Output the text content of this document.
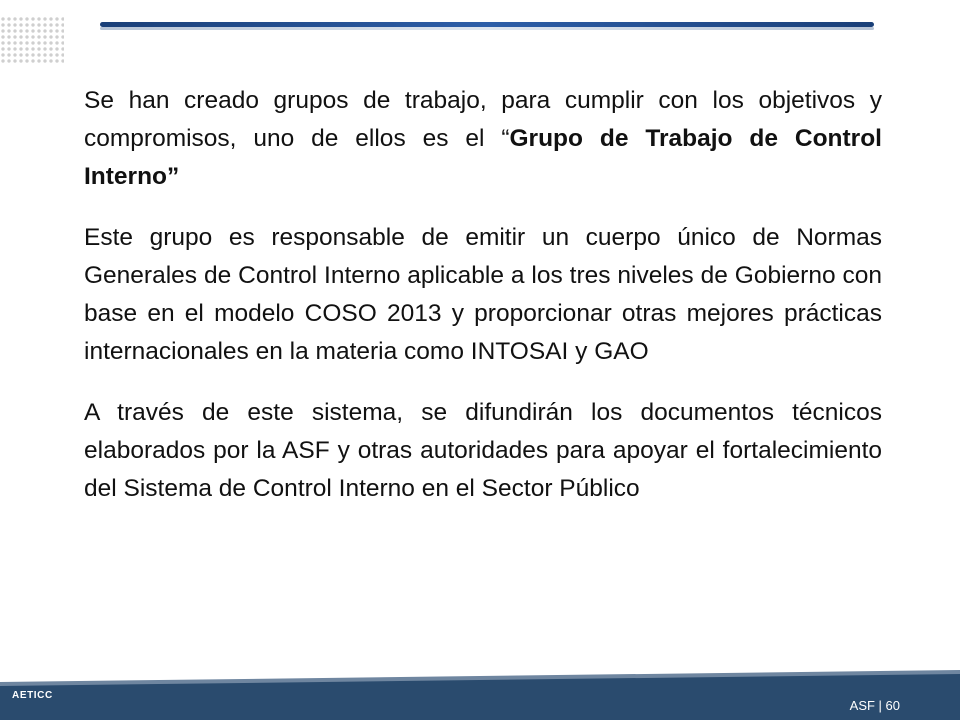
Se han creado grupos de trabajo, para cumplir con los objetivos y compromisos, uno de ellos es el “Grupo de Trabajo de Control Interno”

Este grupo es responsable de emitir un cuerpo único de Normas Generales de Control Interno aplicable a los tres niveles de Gobierno con base en el modelo COSO 2013 y proporcionar otras mejores prácticas internacionales en la materia como INTOSAI y GAO

A través de este sistema, se difundirán los documentos técnicos elaborados por la ASF y otras autoridades para apoyar el fortalecimiento del Sistema de Control Interno en el Sector Público

AETICC
ASF | 60
